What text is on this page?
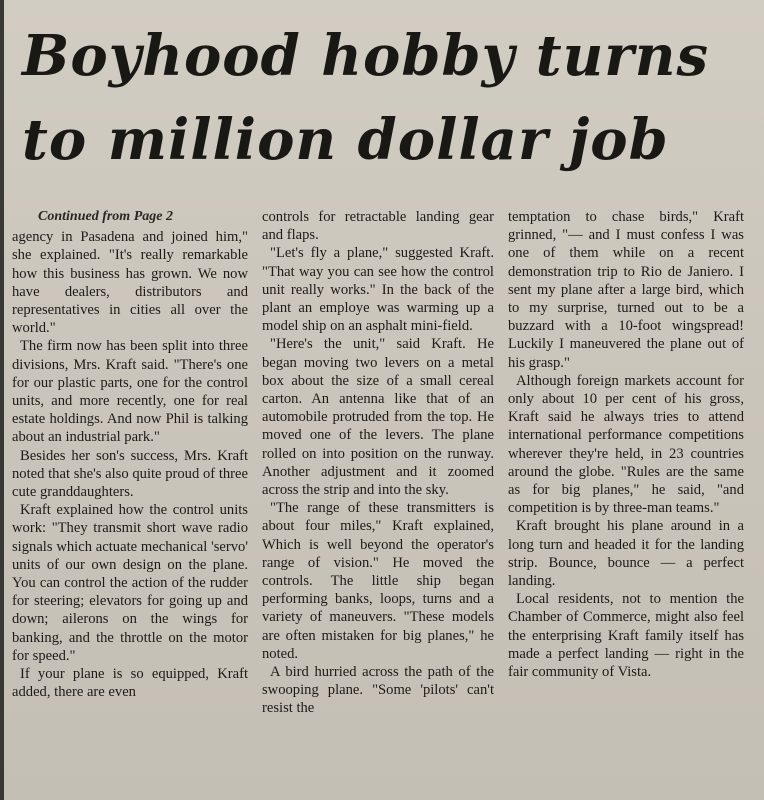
Boyhood hobby turns
to million dollar job
Continued from Page 2

agency in Pasadena and joined him," she explained. "It's really remarkable how this business has grown. We now have dealers, distributors and representatives in cities all over the world."

The firm now has been split into three divisions, Mrs. Kraft said. "There's one for our plastic parts, one for the control units, and more recently, one for real estate holdings. And now Phil is talking about an industrial park."

Besides her son's success, Mrs. Kraft noted that she's also quite proud of three cute granddaughters.

Kraft explained how the control units work: "They transmit short wave radio signals which actuate mechanical 'servo' units of our own design on the plane. You can control the action of the rudder for steering; elevators for going up and down; ailerons on the wings for banking, and the throttle on the motor for speed."

If your plane is so equipped, Kraft added, there are even

controls for retractable landing gear and flaps.

"Let's fly a plane," suggested Kraft. "That way you can see how the control unit really works." In the back of the plant an employe was warming up a model ship on an asphalt mini-field.

"Here's the unit," said Kraft. He began moving two levers on a metal box about the size of a small cereal carton. An antenna like that of an automobile protruded from the top. He moved one of the levers. The plane rolled on into position on the runway. Another adjustment and it zoomed across the strip and into the sky.

"The range of these transmitters is about four miles," Kraft explained, Which is well beyond the operator's range of vision." He moved the controls. The little ship began performing banks, loops, turns and a variety of maneuvers. "These models are often mistaken for big planes," he noted.

A bird hurried across the path of the swooping plane. "Some 'pilots' can't resist the

temptation to chase birds," Kraft grinned, "— and I must confess I was one of them while on a recent demonstration trip to Rio de Janiero. I sent my plane after a large bird, which to my surprise, turned out to be a buzzard with a 10-foot wingspread! Luckily I maneuvered the plane out of his grasp."

Although foreign markets account for only about 10 per cent of his gross, Kraft said he always tries to attend international performance competitions wherever they're held, in 23 countries around the globe. "Rules are the same as for big planes," he said, "and competition is by three-man teams."

Kraft brought his plane around in a long turn and headed it for the landing strip. Bounce, bounce — a perfect landing.

Local residents, not to mention the Chamber of Commerce, might also feel the enterprising Kraft family itself has made a perfect landing — right in the fair community of Vista.
